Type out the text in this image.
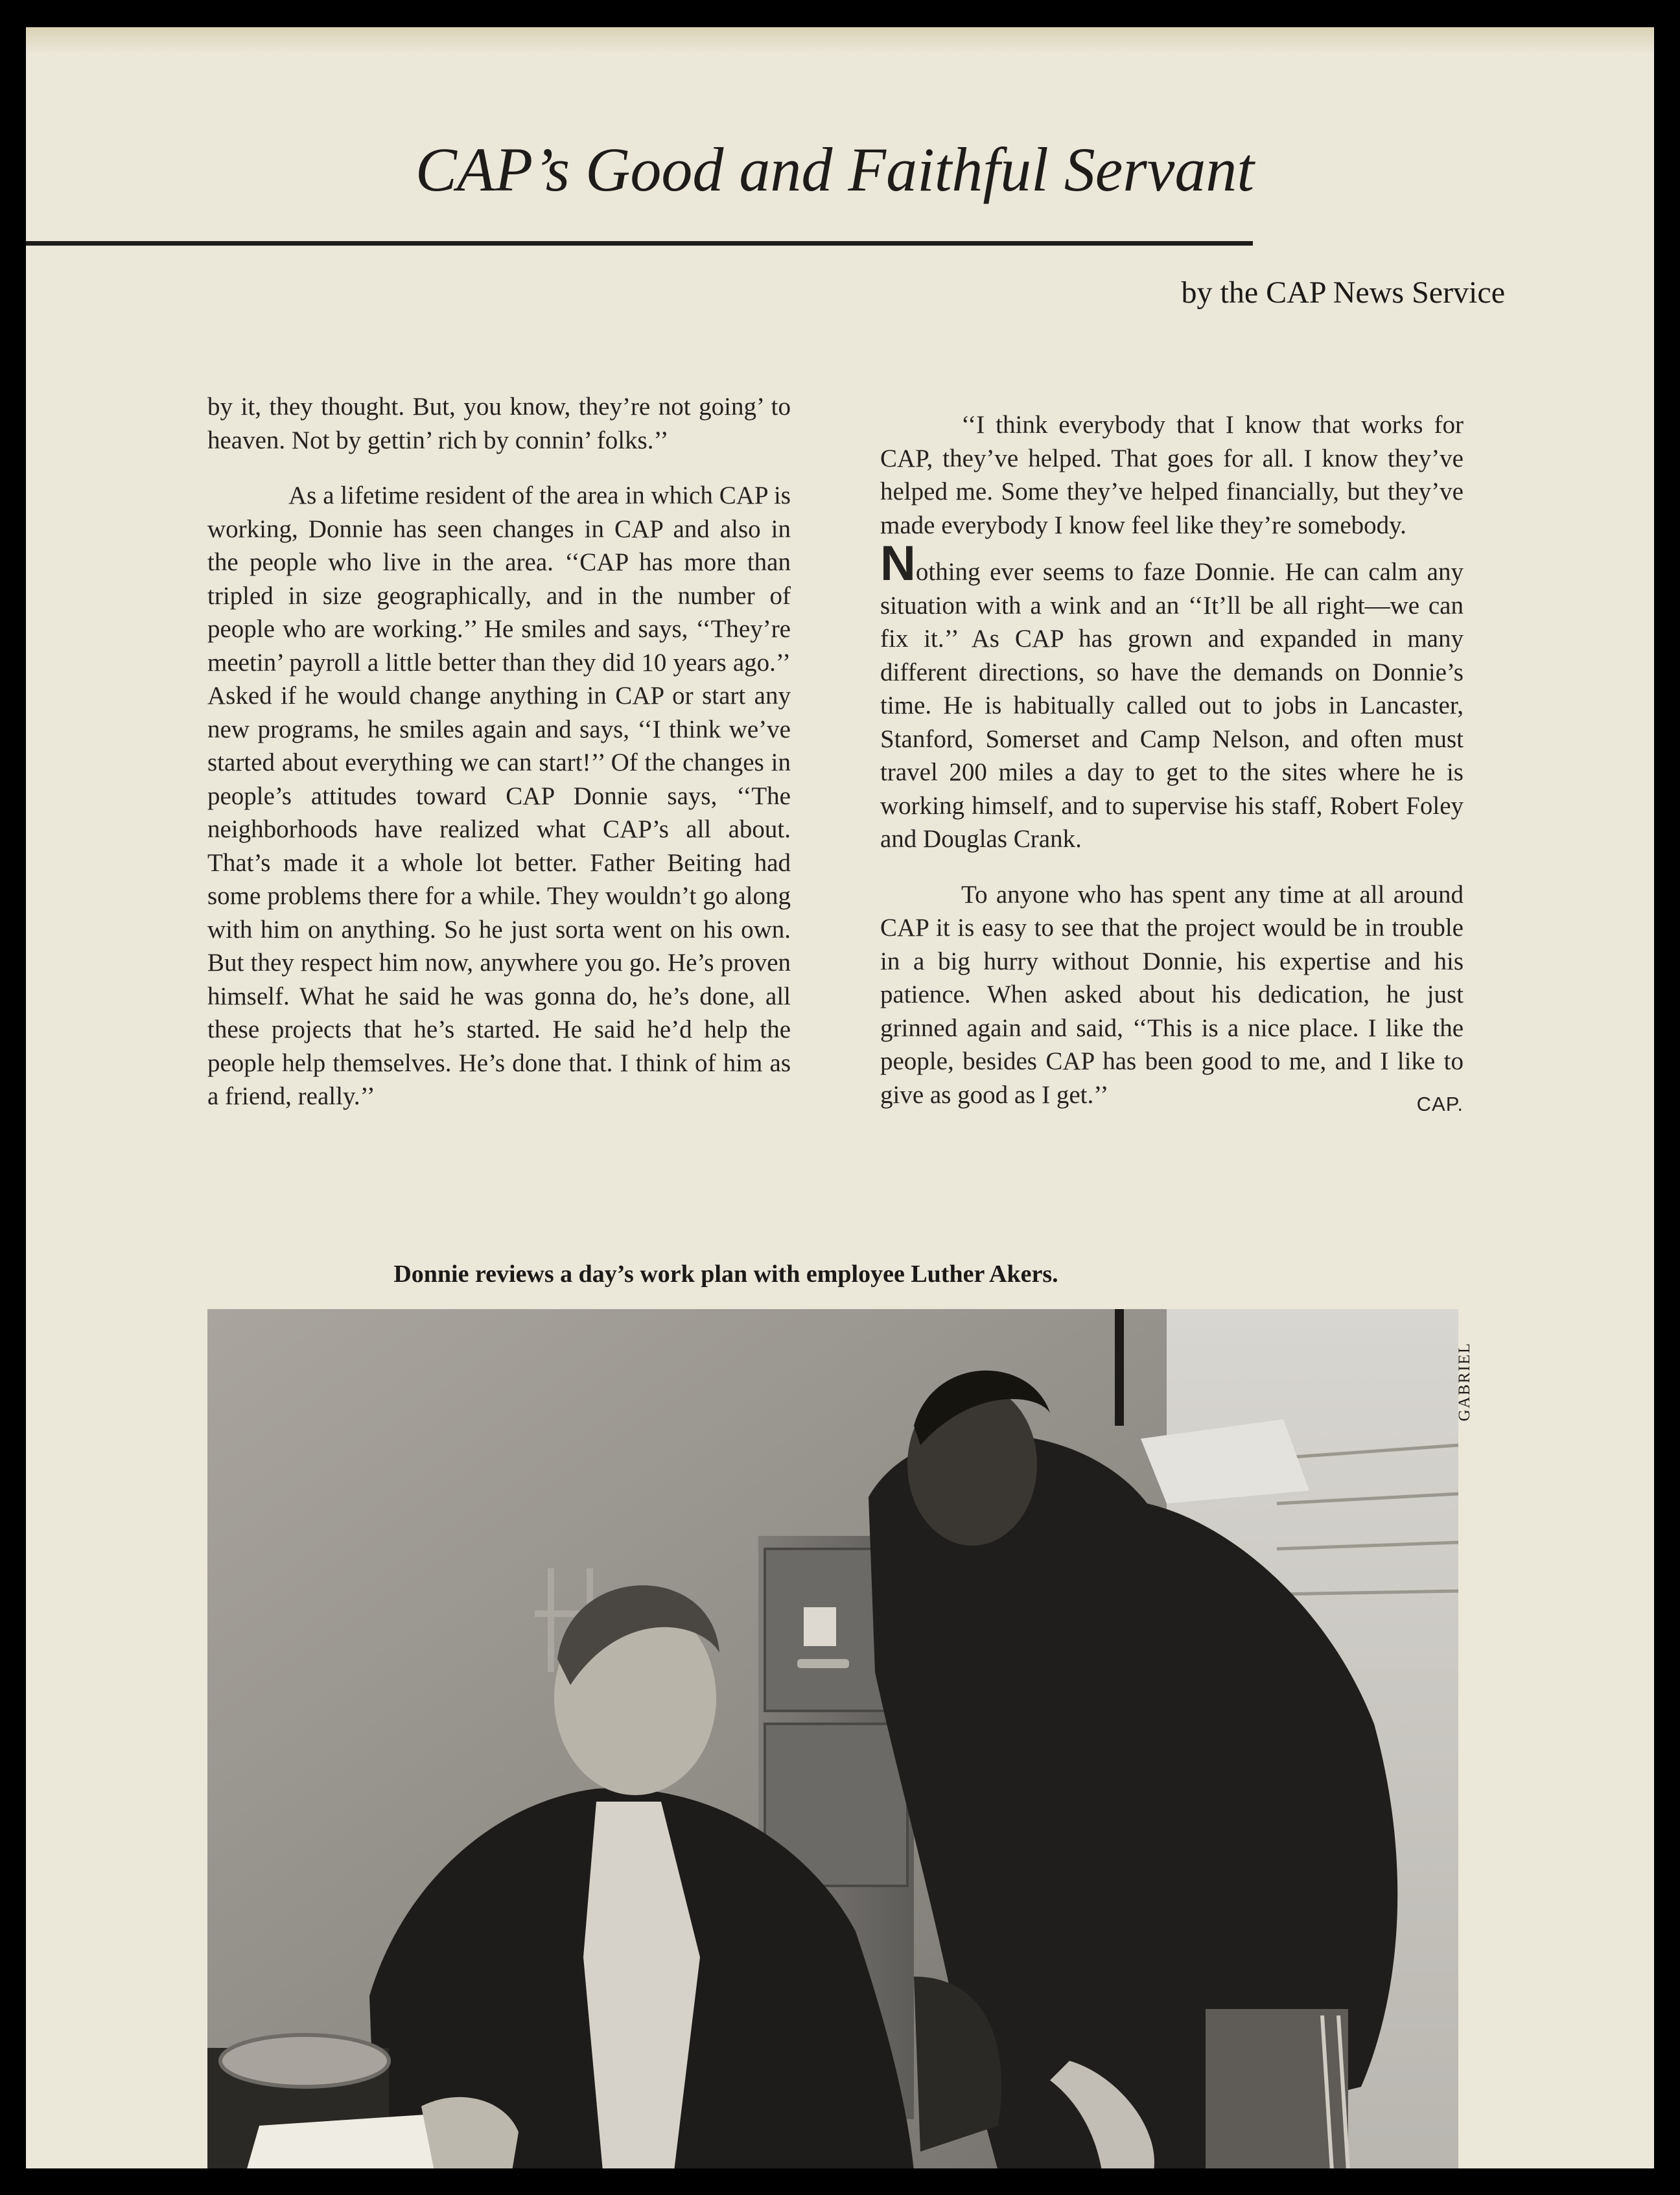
CAP’s Good and Faithful Servant
by the CAP News Service

by it, they thought. But, you know, they’re not going’ to heaven. Not by gettin’ rich by connin’ folks.’’

As a lifetime resident of the area in which CAP is working, Donnie has seen changes in CAP and also in the people who live in the area. ‘‘CAP has more than tripled in size geographically, and in the number of people who are working.’’ He smiles and says, ‘‘They’re meetin’ payroll a little better than they did 10 years ago.’’ Asked if he would change anything in CAP or start any new programs, he smiles again and says, ‘‘I think we’ve started about everything we can start!’’ Of the changes in people’s attitudes toward CAP Donnie says, ‘‘The neighborhoods have realized what CAP’s all about. That’s made it a whole lot better. Father Beiting had some problems there for a while. They wouldn’t go along with him on anything. So he just sorta went on his own. But they respect him now, anywhere you go. He’s proven himself. What he said he was gonna do, he’s done, all these projects that he’s started. He said he’d help the people help themselves. He’s done that. I think of him as a friend, really.’’

‘‘I think everybody that I know that works for CAP, they’ve helped. That goes for all. I know they’ve helped me. Some they’ve helped financially, but they’ve made everybody I know feel like they’re somebody.

Nothing ever seems to faze Donnie. He can calm any situation with a wink and an ‘‘It’ll be all right—we can fix it.’’ As CAP has grown and expanded in many different directions, so have the demands on Donnie’s time. He is habitually called out to jobs in Lancaster, Stanford, Somerset and Camp Nelson, and often must travel 200 miles a day to get to the sites where he is working himself, and to supervise his staff, Robert Foley and Douglas Crank.

To anyone who has spent any time at all around CAP it is easy to see that the project would be in trouble in a big hurry without Donnie, his expertise and his patience. When asked about his dedication, he just grinned again and said, ‘‘This is a nice place. I like the people, besides CAP has been good to me, and I like to give as good as I get.’’	CAP.

Donnie reviews a day’s work plan with employee Luther Akers.
GABRIEL
